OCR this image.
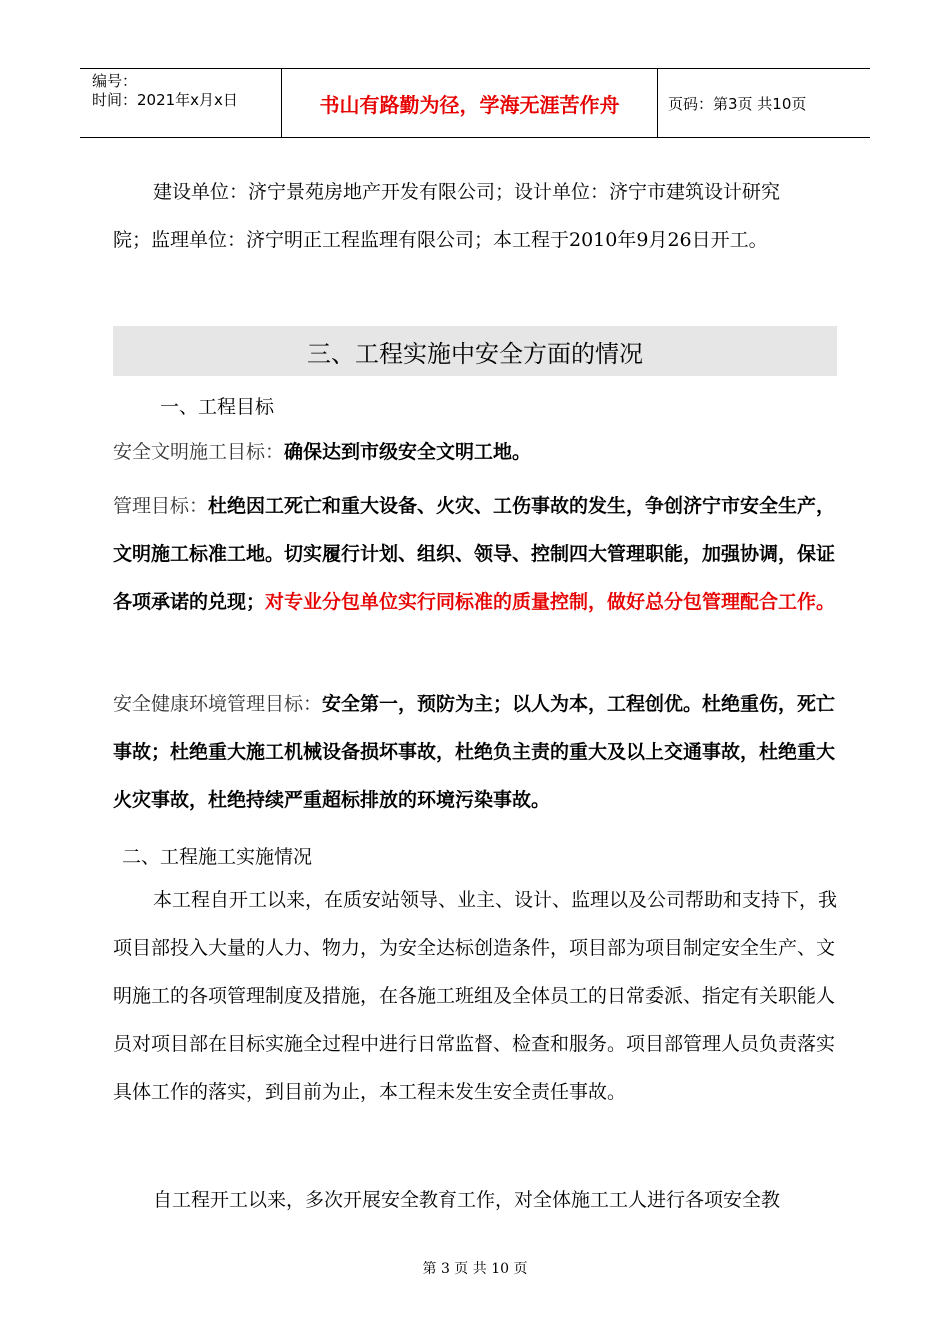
编号：
时间：2021年x月x日	书山有路勤为径，学海无涯苦作舟	页码：第3页 共10页

建设单位：济宁景苑房地产开发有限公司；设计单位：济宁市建筑设计研究

院；监理单位：济宁明正工程监理有限公司；本工程于2010年9月26日开工。

三、工程实施中安全方面的情况
一、工程目标

安全文明施工目标：确保达到市级安全文明工地。

管理目标：杜绝因工死亡和重大设备、火灾、工伤事故的发生，争创济宁市安全生产，文明施工标准工地。切实履行计划、组织、领导、控制四大管理职能，加强协调，保证各项承诺的兑现；对专业分包单位实行同标准的质量控制，做好总分包管理配合工作。

安全健康环境管理目标：安全第一，预防为主；以人为本，工程创优。杜绝重伤，死亡事故；杜绝重大施工机械设备损坏事故，杜绝负主责的重大及以上交通事故，杜绝重大火灾事故，杜绝持续严重超标排放的环境污染事故。

二、工程施工实施情况

本工程自开工以来，在质安站领导、业主、设计、监理以及公司帮助和支持下，我项目部投入大量的人力、物力，为安全达标创造条件，项目部为项目制定安全生产、文明施工的各项管理制度及措施，在各施工班组及全体员工的日常委派、指定有关职能人员对项目部在目标实施全过程中进行日常监督、检查和服务。项目部管理人员负责落实具体工作的落实，到目前为止，本工程未发生安全责任事故。

自工程开工以来，多次开展安全教育工作，对全体施工工人进行各项安全教

第 3 页 共 10 页
